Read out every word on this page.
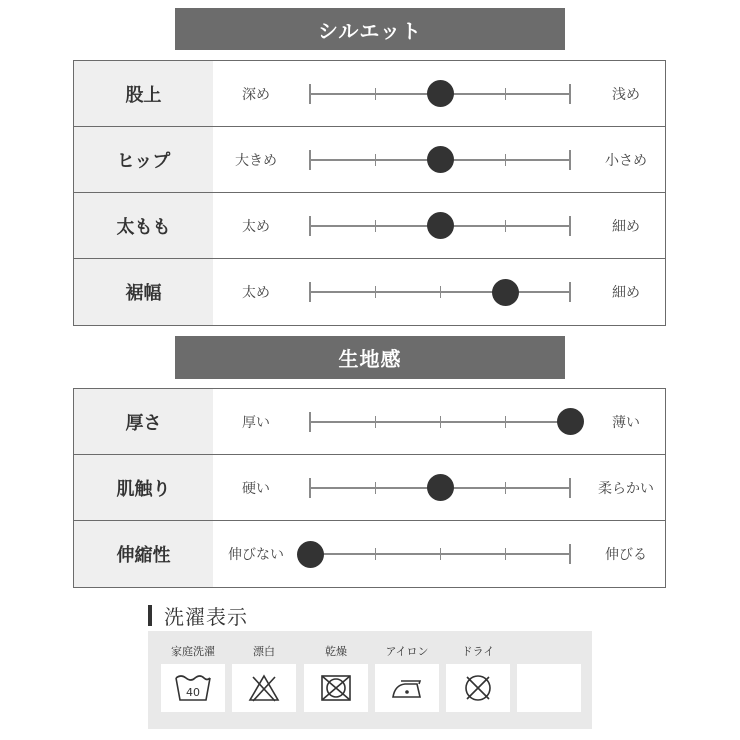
シルエット
股上	深め	浅め
ヒップ	大きめ	小さめ
太もも	太め	細め
裾幅	太め	細め
生地感
厚さ	厚い	薄い
肌触り	硬い	柔らかい
伸縮性	伸びない	伸びる
洗濯表示
家庭洗濯
40
漂白	乾燥	アイロン	ドライ
